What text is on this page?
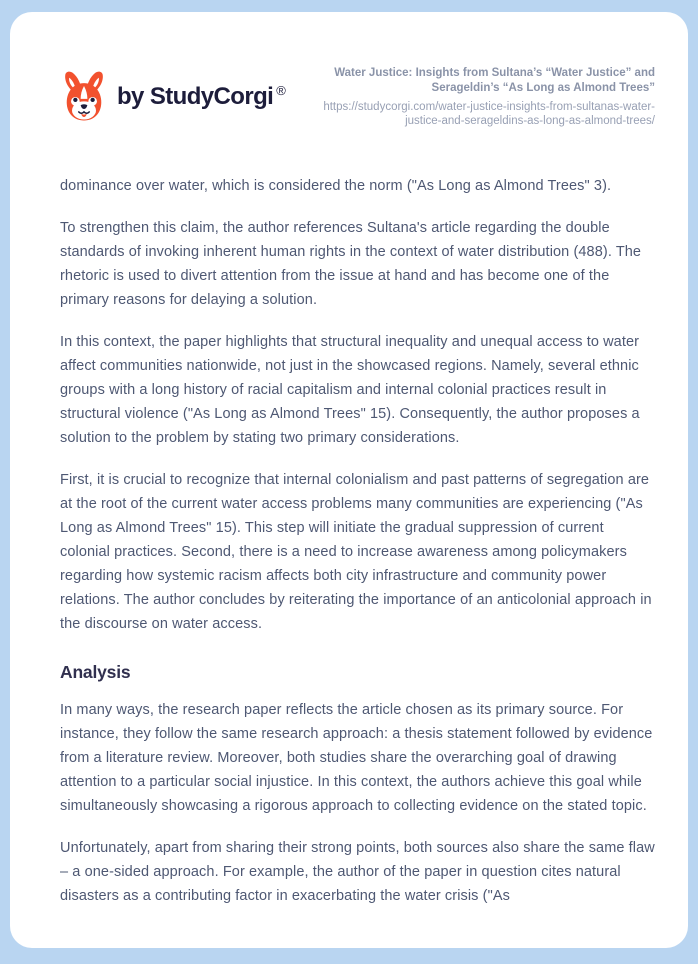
by StudyCorgi ®

Water Justice: Insights from Sultana’s “Water Justice” and Serageldin’s “As Long as Almond Trees”

https://studycorgi.com/water-justice-insights-from-sultanas-water-justice-and-serageldins-as-long-as-almond-trees/

dominance over water, which is considered the norm ("As Long as Almond Trees" 3).

To strengthen this claim, the author references Sultana's article regarding the double standards of invoking inherent human rights in the context of water distribution (488). The rhetoric is used to divert attention from the issue at hand and has become one of the primary reasons for delaying a solution.

In this context, the paper highlights that structural inequality and unequal access to water affect communities nationwide, not just in the showcased regions. Namely, several ethnic groups with a long history of racial capitalism and internal colonial practices result in structural violence ("As Long as Almond Trees" 15). Consequently, the author proposes a solution to the problem by stating two primary considerations.

First, it is crucial to recognize that internal colonialism and past patterns of segregation are at the root of the current water access problems many communities are experiencing ("As Long as Almond Trees" 15). This step will initiate the gradual suppression of current colonial practices. Second, there is a need to increase awareness among policymakers regarding how systemic racism affects both city infrastructure and community power relations. The author concludes by reiterating the importance of an anticolonial approach in the discourse on water access.

Analysis

In many ways, the research paper reflects the article chosen as its primary source. For instance, they follow the same research approach: a thesis statement followed by evidence from a literature review. Moreover, both studies share the overarching goal of drawing attention to a particular social injustice. In this context, the authors achieve this goal while simultaneously showcasing a rigorous approach to collecting evidence on the stated topic.

Unfortunately, apart from sharing their strong points, both sources also share the same flaw – a one-sided approach. For example, the author of the paper in question cites natural disasters as a contributing factor in exacerbating the water crisis ("As
